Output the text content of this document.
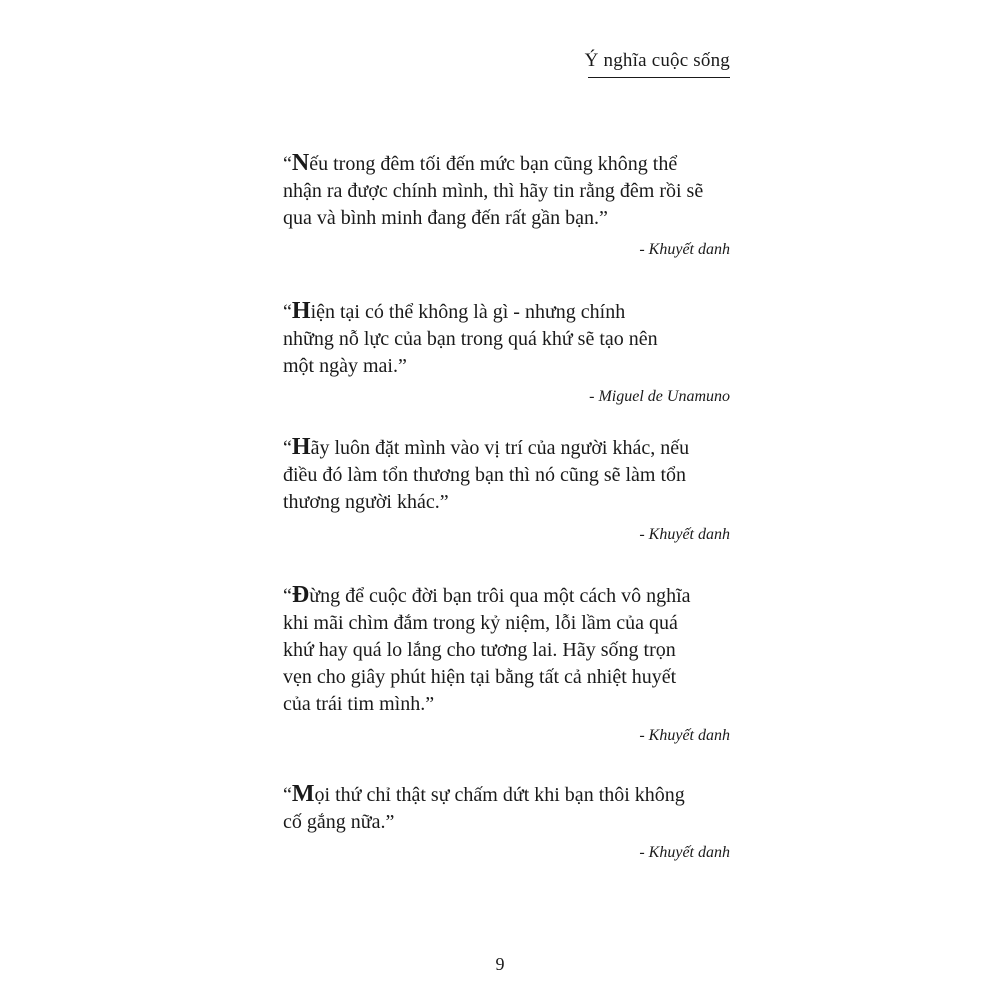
Ý nghĩa cuộc sống

“Nếu trong đêm tối đến mức bạn cũng không thể
nhận ra được chính mình, thì hãy tin rằng đêm rồi sẽ
qua và bình minh đang đến rất gần bạn.”

- Khuyết danh

“Hiện tại có thể không là gì - nhưng chính
những nỗ lực của bạn trong quá khứ sẽ tạo nên
một ngày mai.”

- Miguel de Unamuno

“Hãy luôn đặt mình vào vị trí của người khác, nếu
điều đó làm tổn thương bạn thì nó cũng sẽ làm tổn
thương người khác.”

- Khuyết danh

“Đừng để cuộc đời bạn trôi qua một cách vô nghĩa
khi mãi chìm đắm trong kỷ niệm, lỗi lầm của quá
khứ hay quá lo lắng cho tương lai. Hãy sống trọn
vẹn cho giây phút hiện tại bằng tất cả nhiệt huyết
của trái tim mình.”

- Khuyết danh

“Mọi thứ chỉ thật sự chấm dứt khi bạn thôi không
cố gắng nữa.”

- Khuyết danh
9
